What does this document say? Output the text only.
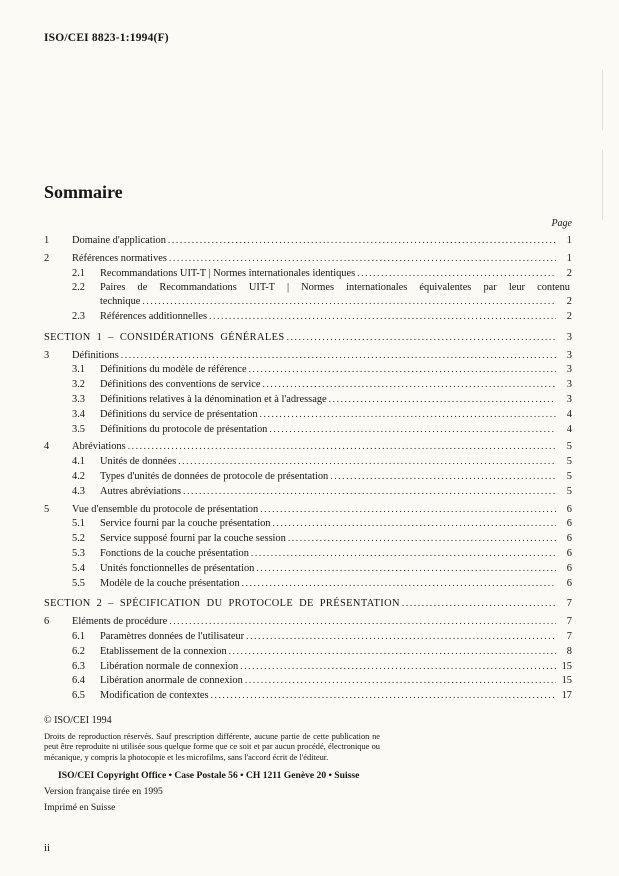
ISO/CEI 8823-1:1994(F)
Sommaire
Page
1	Domaine d'application .....	1
2	Références normatives .....	1
2.1	Recommandations UIT-T | Normes internationales identiques .....	2
2.2	Paires de Recommandations UIT-T | Normes internationales équivalentes par leur contenu
technique .....	2
2.3	Références additionnelles .....	2
SECTION 1 – CONSIDÉRATIONS GÉNÉRALES .....	3
3	Définitions .....	3
3.1	Définitions du modèle de référence .....	3
3.2	Définitions des conventions de service .....	3
3.3	Définitions relatives à la dénomination et à l'adressage .....	3
3.4	Définitions du service de présentation .....	4
3.5	Définitions du protocole de présentation .....	4
4	Abréviations .....	5
4.1	Unités de données .....	5
4.2	Types d'unités de données de protocole de présentation .....	5
4.3	Autres abréviations .....	5
5	Vue d'ensemble du protocole de présentation .....	6
5.1	Service fourni par la couche présentation .....	6
5.2	Service supposé fourni par la couche session .....	6
5.3	Fonctions de la couche présentation .....	6
5.4	Unités fonctionnelles de présentation .....	6
5.5	Modèle de la couche présentation .....	6
SECTION 2 – SPÉCIFICATION DU PROTOCOLE DE PRÉSENTATION .....	7
6	Eléments de procédure .....	7
6.1	Paramètres données de l'utilisateur .....	7
6.2	Etablissement de la connexion .....	8
6.3	Libération normale de connexion .....	15
6.4	Libération anormale de connexion .....	15
6.5	Modification de contextes .....	17
© ISO/CEI 1994
Droits de reproduction réservés. Sauf prescription différente, aucune partie de cette publication ne peut être reproduite ni utilisée sous quelque forme que ce soit et par aucun procédé, électronique ou mécanique, y compris la photocopie et les microfilms, sans l'accord écrit de l'éditeur.
ISO/CEI Copyright Office • Case Postale 56 • CH 1211 Genève 20 • Suisse
Version française tirée en 1995
Imprimé en Suisse
ii
